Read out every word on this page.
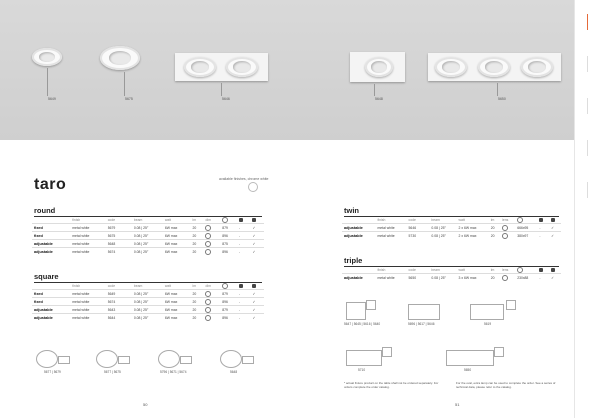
5649	5675	5646	5648	5650
taro	available finishes, chrome white
round
	finish	code		beam	watt	lm	dim			
fixed	metal white	5679		0.08 | 25°	6W max	20		879	-	✓
fixed	metal white	5675		0.08 | 25°	6W max	20		896	-	✓
adjustable	metal white	5648		0.08 | 25°	6W max	20		875	-	✓
adjustable	metal white	5674		0.08 | 25°	6W max	20		896	-	✓
square
	finish	code		beam	watt	lm	dim			
fixed	metal white	5649		0.08 | 25°	6W max	20		879	-	✓
fixed	metal white	5674		0.08 | 25°	6W max	20		896	-	✓
adjustable	metal white	5643		0.08 | 25°	6W max	20		879	-	✓
adjustable	metal white	5644		0.08 | 25°	6W max	20		896	-	✓
twin
	finish	code		beam	watt	lm	lens			
adjustable	metal white	5646		0.08 | 25°	2 x 6W max	20		666x95	-	✓
adjustable	metal white	5730		0.08 | 25°	2 x 6W max	20		380x97	-	✓
triple
	finish	code		beam	watt	lm	lens			
adjustable	metal white	5650		0.08 | 25°	3 x 6W max	20		230x88	-	✓
5677 | 5679	5677 | 5675	5796 | 5671 | 5674	5648
5647 | 5645 | 5616 | 5640	5696 | 5617 | 5646	5619
5710	5650
* actual fixture product on the table shall not be ordered separately. For orders complete the order catalog.
For the oval, extra lamp can be used to complete the order. See a series of technical data, please refer to the catalog.
50	51
